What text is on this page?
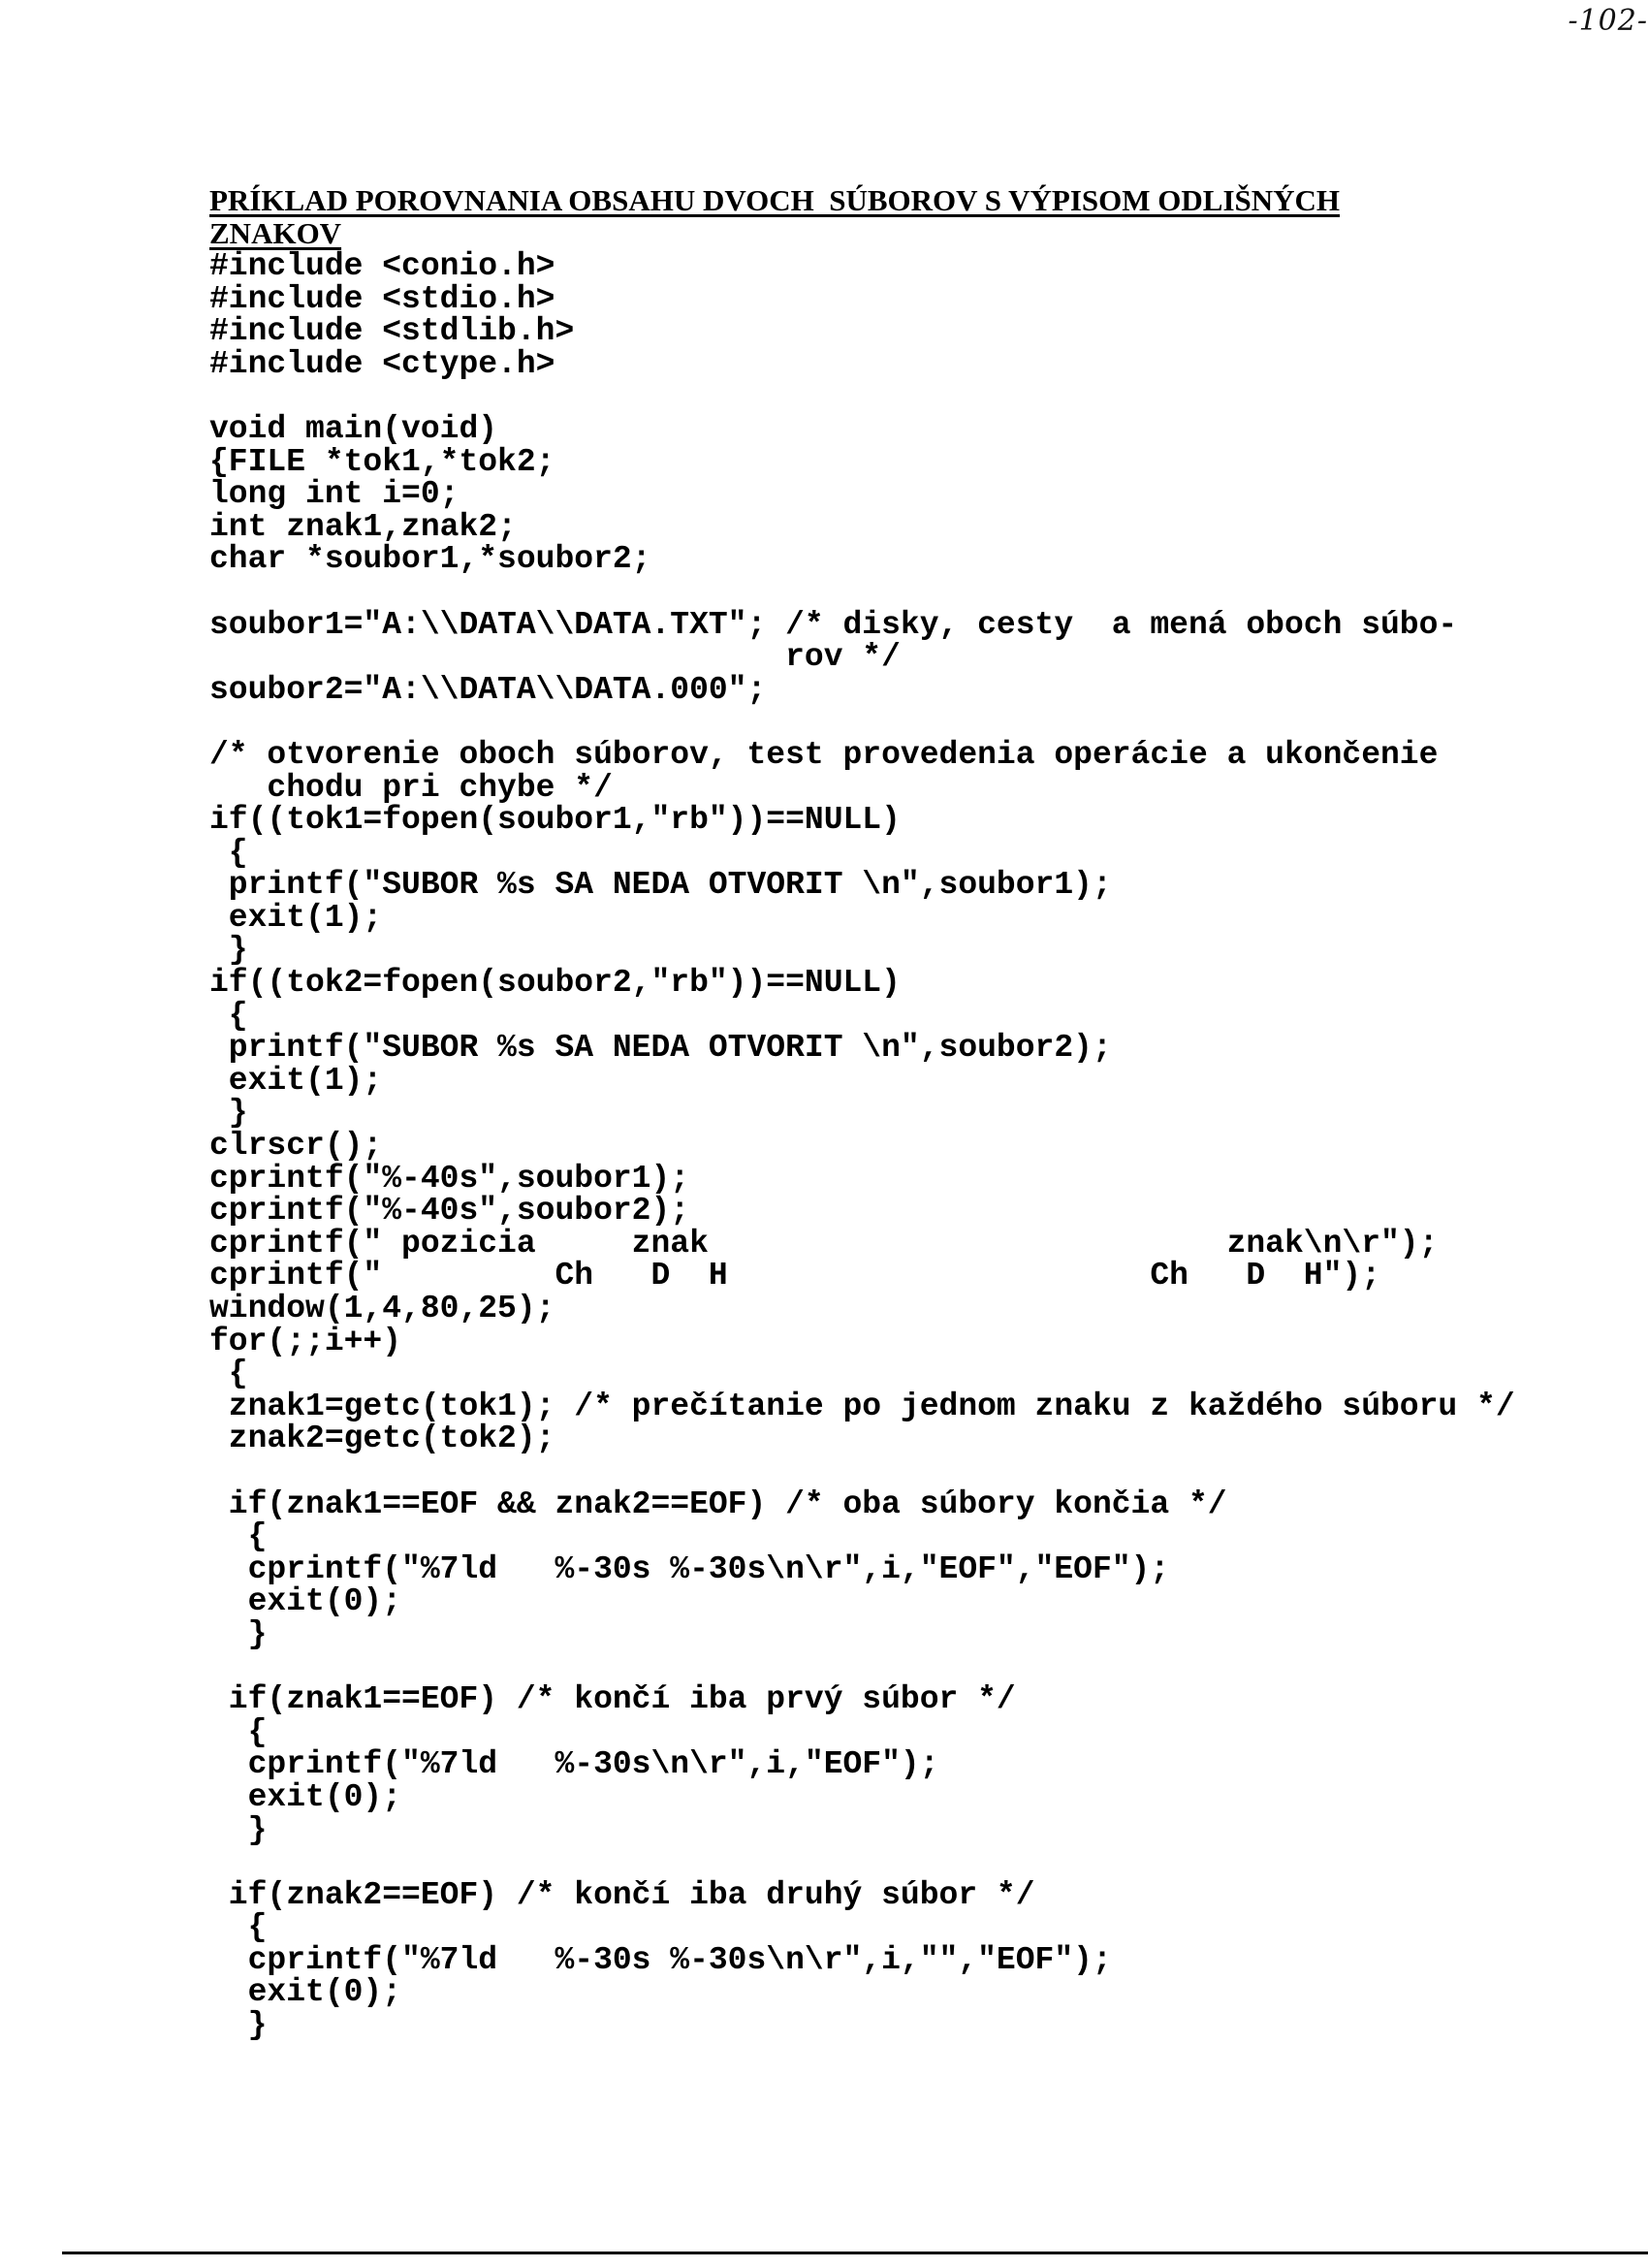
-102-
PRÍKLAD POROVNANIA OBSAHU DVOCH  SÚBOROV S VÝPISOM ODLIŠNÝCH
ZNAKOV
#include <conio.h>
#include <stdio.h>
#include <stdlib.h>
#include <ctype.h>

void main(void)
{FILE *tok1,*tok2;
long int i=0;
int znak1,znak2;
char *soubor1,*soubor2;

soubor1="A:\\DATA\\DATA.TXT"; /* disky, cesty  a mená oboch súbo-
rov */
soubor2="A:\\DATA\\DATA.000";

/* otvorenie oboch súborov, test provedenia operácie a ukončenie
chodu pri chybe */
if((tok1=fopen(soubor1,"rb"))==NULL)
{
printf("SUBOR %s SA NEDA OTVORIT \n",soubor1);
exit(1);
}
if((tok2=fopen(soubor2,"rb"))==NULL)
{
printf("SUBOR %s SA NEDA OTVORIT \n",soubor2);
exit(1);
}
clrscr();
cprintf("%-40s",soubor1);
cprintf("%-40s",soubor2);
cprintf(" pozicia     znak                           znak\n\r");
cprintf("         Ch   D  H                      Ch   D  H");
window(1,4,80,25);
for(;;i++)
{
znak1=getc(tok1); /* prečítanie po jednom znaku z každého súboru */
znak2=getc(tok2);

if(znak1==EOF && znak2==EOF) /* oba súbory končia */
{
cprintf("%7ld   %-30s %-30s\n\r",i,"EOF","EOF");
exit(0);
}

if(znak1==EOF) /* končí iba prvý súbor */
{
cprintf("%7ld   %-30s\n\r",i,"EOF");
exit(0);
}

if(znak2==EOF) /* končí iba druhý súbor */
{
cprintf("%7ld   %-30s %-30s\n\r",i,"","EOF");
exit(0);
}
